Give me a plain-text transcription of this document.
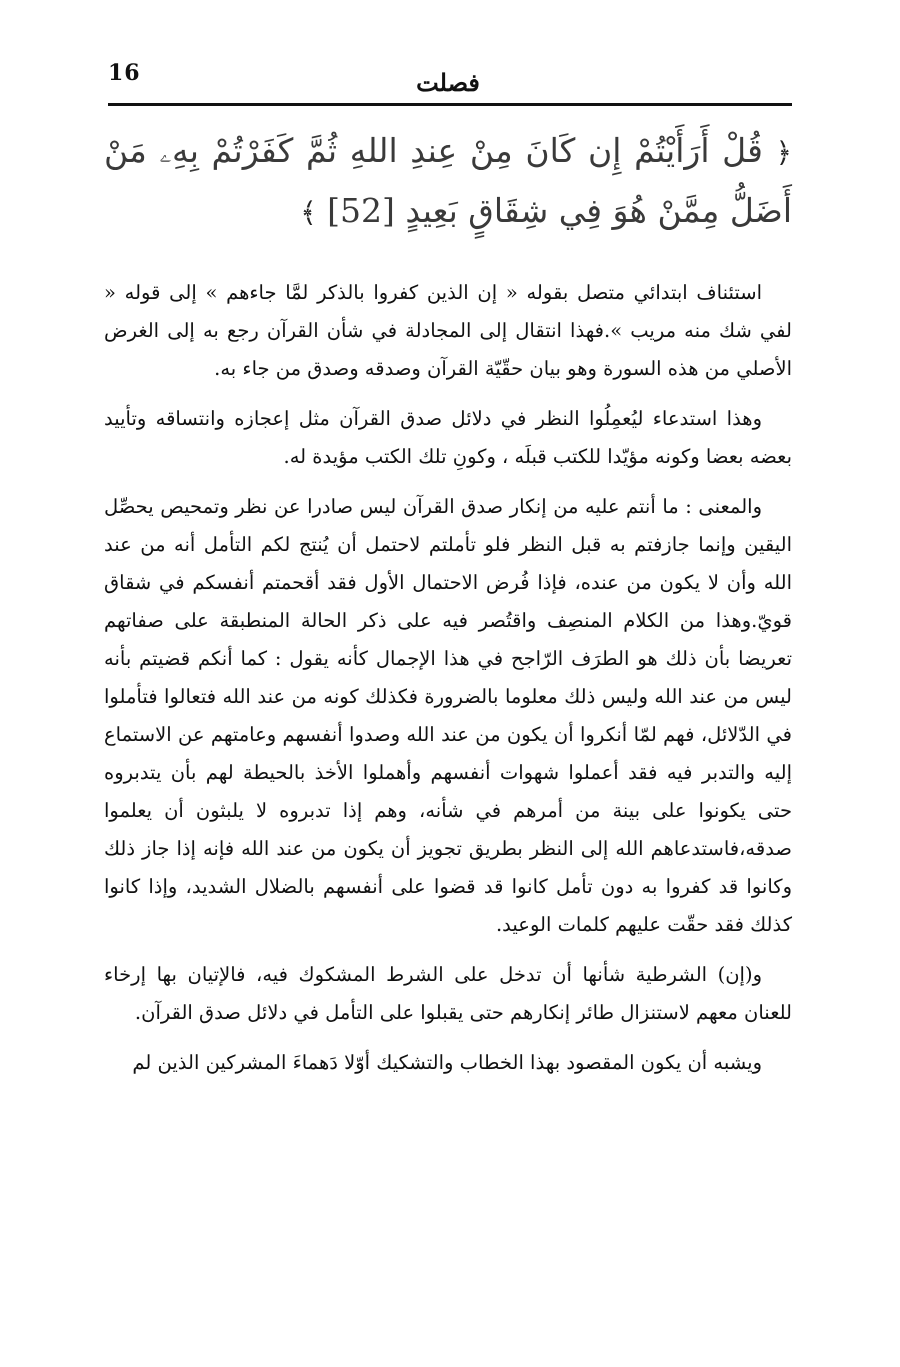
16	فصلت
﴿ قُلْ أَرَأَيْتُمْ إِن كَانَ مِنْ عِندِ اللهِ ثُمَّ كَفَرْتُمْ بِهِۦ مَنْ أَضَلُّ مِمَّنْ هُوَ فِي شِقَاقٍ بَعِيدٍ [52] ﴾

استئناف ابتدائي متصل بقوله « إن الذين كفروا بالذكر لمَّا جاءهم » إلى قوله « لفي شك منه مريب ».فهذا انتقال إلى المجادلة في شأن القرآن رجع به إلى الغرض الأصلي من هذه السورة وهو بيان حقّيّة القرآن وصدقه وصدق من جاء به.

وهذا استدعاء ليُعمِلُوا النظر في دلائل صدق القرآن مثل إعجازه وانتساقه وتأييد بعضه بعضا وكونه مؤيّدا للكتب قبلَه ، وكونِ تلك الكتب مؤيدة له.

والمعنى : ما أنتم عليه من إنكار صدق القرآن ليس صادرا عن نظر وتمحيص يحصِّل اليقين وإنما جازفتم به قبل النظر فلو تأملتم لاحتمل أن يُنتج لكم التأمل أنه من عند الله وأن لا يكون من عنده، فإذا فُرض الاحتمال الأول فقد أقحمتم أنفسكم في شقاق قويّ.وهذا من الكلام المنصِف واقتُصر فيه على ذكر الحالة المنطبقة على صفاتهم تعريضا بأن ذلك هو الطرَف الرّاجح في هذا الإجمال كأنه يقول : كما أنكم قضيتم بأنه ليس من عند الله وليس ذلك معلوما بالضرورة فكذلك كونه من عند الله فتعالوا فتأملوا في الدّلائل، فهم لمّا أنكروا أن يكون من عند الله وصدوا أنفسهم وعامتهم عن الاستماع إليه والتدبر فيه فقد أعملوا شهوات أنفسهم وأهملوا الأخذ بالحيطة لهم بأن يتدبروه حتى يكونوا على بينة من أمرهم في شأنه، وهم إذا تدبروه لا يلبثون أن يعلموا صدقه،فاستدعاهم الله إلى النظر بطريق تجويز أن يكون من عند الله فإنه إذا جاز ذلك وكانوا قد كفروا به دون تأمل كانوا قد قضوا على أنفسهم بالضلال الشديد، وإذا كانوا كذلك فقد حقّت عليهم كلمات الوعيد.

و(إن) الشرطية شأنها أن تدخل على الشرط المشكوك فيه، فالإتيان بها إرخاء للعنان معهم لاستنزال طائر إنكارهم حتى يقبلوا على التأمل في دلائل صدق القرآن.

ويشبه أن يكون المقصود بهذا الخطاب والتشكيك أوّلا دَهماءَ المشركين الذين لم
